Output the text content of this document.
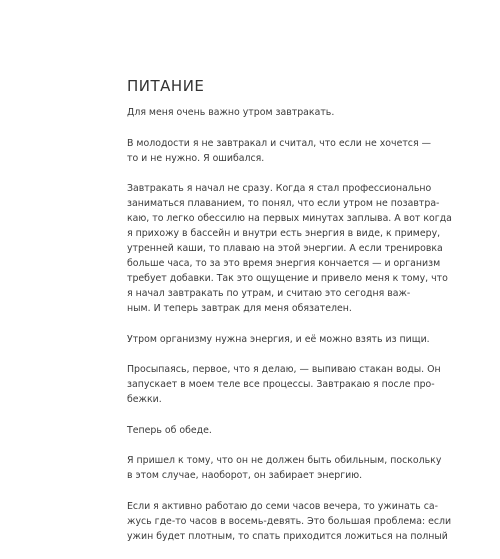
ПИТАНИЕ

Для меня очень важно утром завтракать.

В молодости я не завтракал и считал, что если не хочется —
то и не нужно. Я ошибался.

Завтракать я начал не сразу. Когда я стал профессионально
заниматься плаванием, то понял, что если утром не позавтра-
каю, то легко обессилю на первых минутах заплыва. А вот когда
я прихожу в бассейн и внутри есть энергия в виде, к примеру,
утренней каши, то плаваю на этой энергии. А если тренировка
больше часа, то за это время энергия кончается — и организм
требует добавки. Так это ощущение и привело меня к тому, что
я начал завтракать по утрам, и считаю это сегодня важ-
ным. И теперь завтрак для меня обязателен.

Утром организму нужна энергия, и её можно взять из пищи.

Просыпаясь, первое, что я делаю, — выпиваю стакан воды. Он
запускает в моем теле все процессы. Завтракаю я после про-
бежки.

Теперь об обеде.

Я пришел к тому, что он не должен быть обильным, поскольку
в этом случае, наоборот, он забирает энергию.

Если я активно работаю до семи часов вечера, то ужинать са-
жусь где-то часов в восемь-девять. Это большая проблема: если
ужин будет плотным, то спать приходится ложиться на полный
